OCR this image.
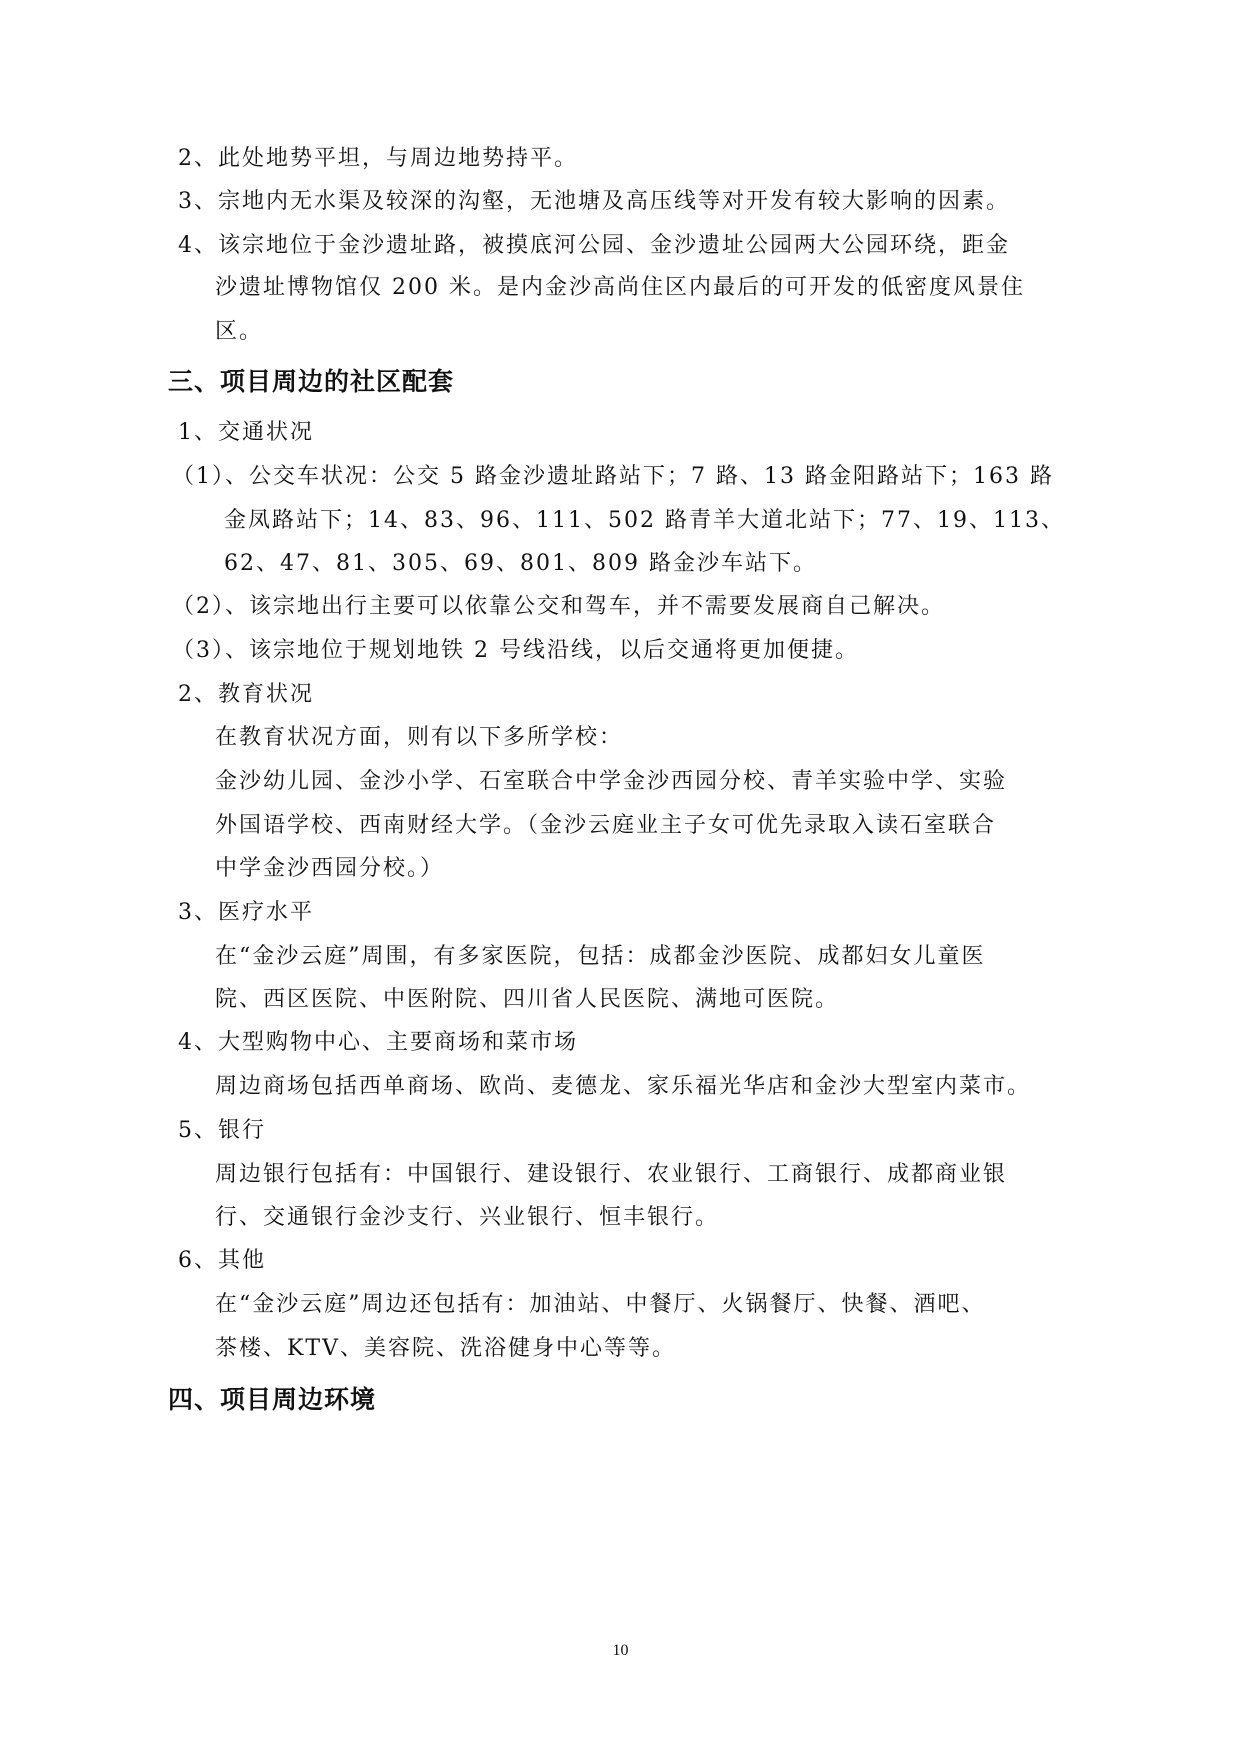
2、此处地势平坦，与周边地势持平。
3、宗地内无水渠及较深的沟壑，无池塘及高压线等对开发有较大影响的因素。
4、该宗地位于金沙遗址路，被摸底河公园、金沙遗址公园两大公园环绕，距金
沙遗址博物馆仅 200 米。是内金沙高尚住区内最后的可开发的低密度风景住
区。
三、项目周边的社区配套
1、交通状况
（1）、公交车状况：公交 5 路金沙遗址路站下；7 路、13 路金阳路站下；163 路
金凤路站下；14、83、96、111、502 路青羊大道北站下；77、19、113、
62、47、81、305、69、801、809 路金沙车站下。
（2）、该宗地出行主要可以依靠公交和驾车，并不需要发展商自己解决。
（3）、该宗地位于规划地铁 2 号线沿线，以后交通将更加便捷。
2、教育状况
在教育状况方面，则有以下多所学校：
金沙幼儿园、金沙小学、石室联合中学金沙西园分校、青羊实验中学、实验
外国语学校、西南财经大学。（金沙云庭业主子女可优先录取入读石室联合
中学金沙西园分校。）
3、医疗水平
在“金沙云庭”周围，有多家医院，包括：成都金沙医院、成都妇女儿童医
院、西区医院、中医附院、四川省人民医院、满地可医院。
4、大型购物中心、主要商场和菜市场
周边商场包括西单商场、欧尚、麦德龙、家乐福光华店和金沙大型室内菜市。
5、银行
周边银行包括有：中国银行、建设银行、农业银行、工商银行、成都商业银
行、交通银行金沙支行、兴业银行、恒丰银行。
6、其他
在“金沙云庭”周边还包括有：加油站、中餐厅、火锅餐厅、快餐、酒吧、
茶楼、KTV、美容院、洗浴健身中心等等。
四、项目周边环境
10
